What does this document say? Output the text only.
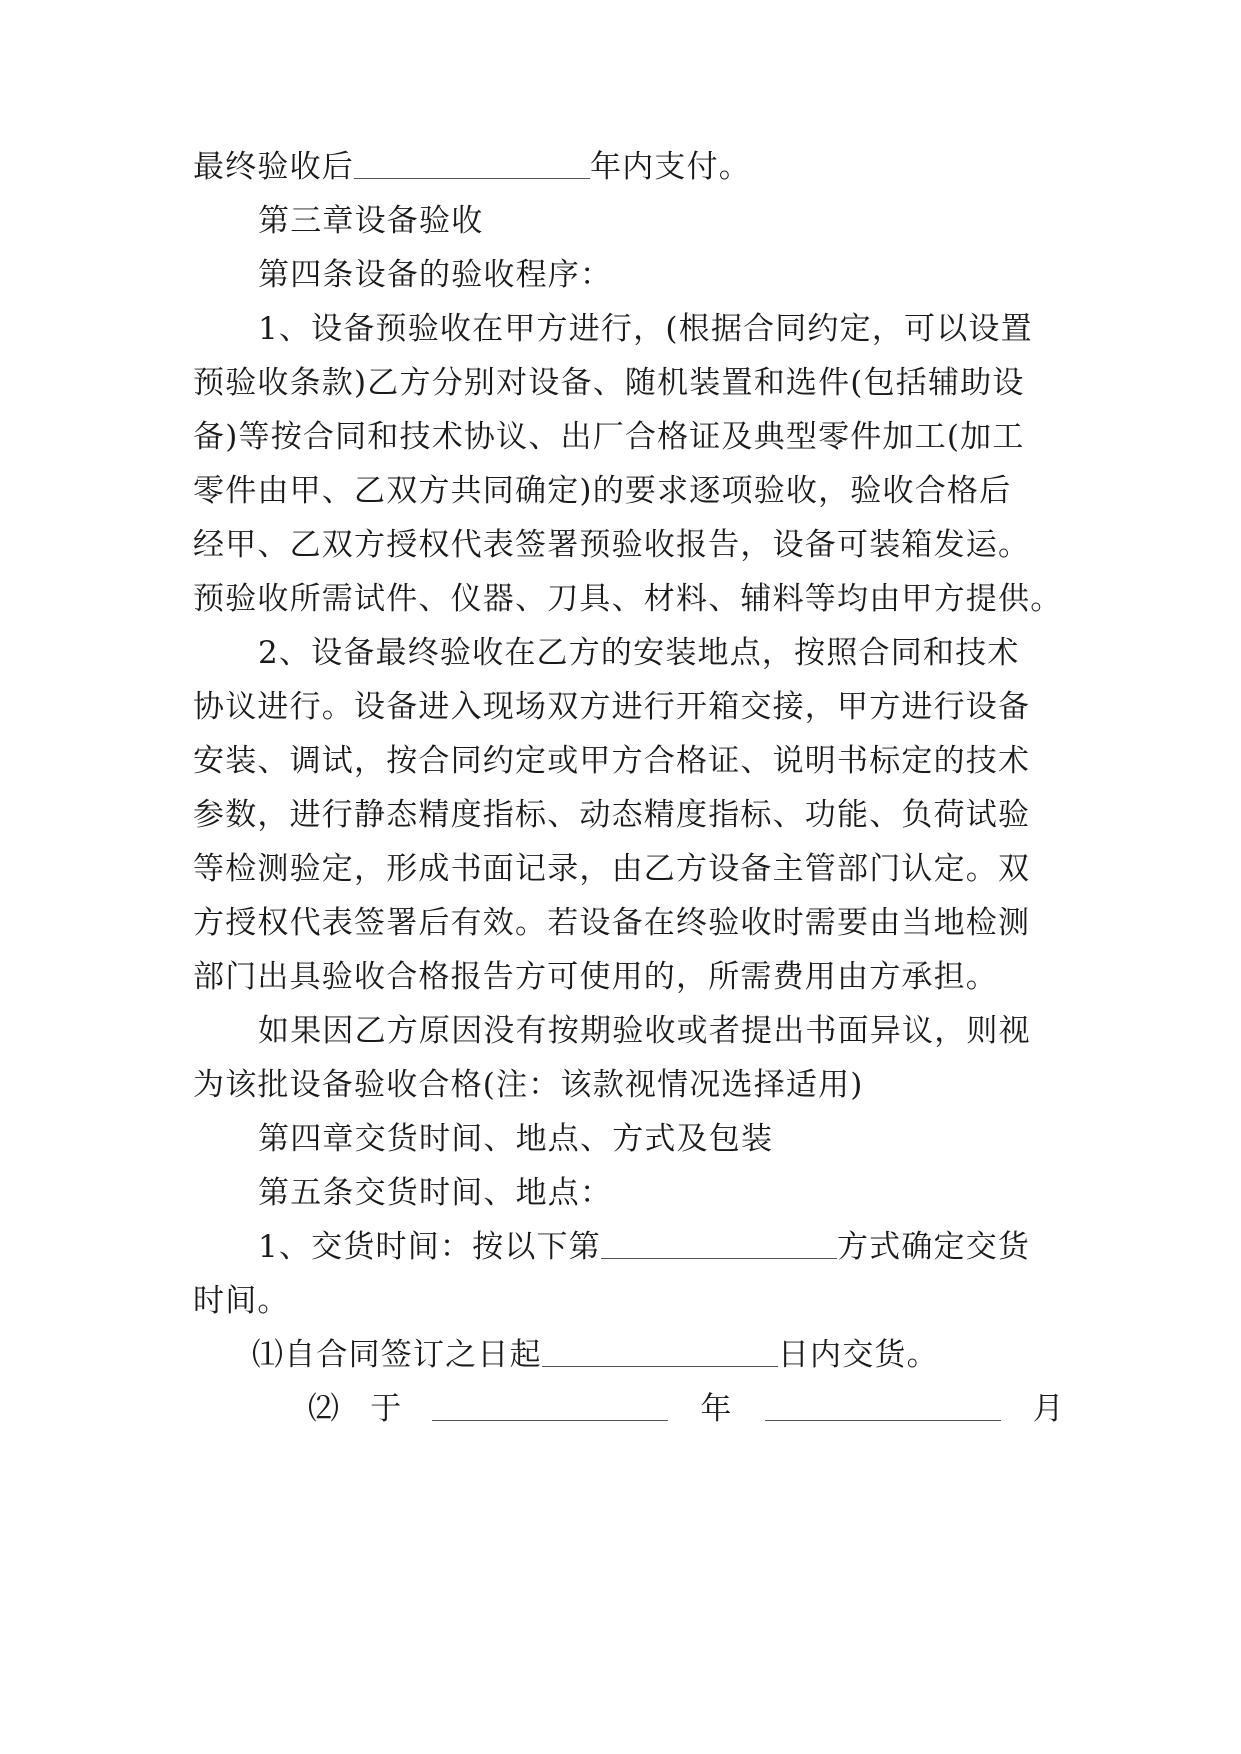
最终验收后	年内支付。
第三章设备验收
第四条设备的验收程序：
1、设备预验收在甲方进行，(根据合同约定，可以设置
预验收条款)乙方分别对设备、随机装置和选件(包括辅助设
备)等按合同和技术协议、出厂合格证及典型零件加工(加工
零件由甲、乙双方共同确定)的要求逐项验收，验收合格后
经甲、乙双方授权代表签署预验收报告，设备可装箱发运。
预验收所需试件、仪器、刀具、材料、辅料等均由甲方提供。
2、设备最终验收在乙方的安装地点，按照合同和技术
协议进行。设备进入现场双方进行开箱交接，甲方进行设备
安装、调试，按合同约定或甲方合格证、说明书标定的技术
参数，进行静态精度指标、动态精度指标、功能、负荷试验
等检测验定，形成书面记录，由乙方设备主管部门认定。双
方授权代表签署后有效。若设备在终验收时需要由当地检测
部门出具验收合格报告方可使用的，所需费用由方承担。
如果因乙方原因没有按期验收或者提出书面异议，则视
为该批设备验收合格(注：该款视情况选择适用)
第四章交货时间、地点、方式及包装
第五条交货时间、地点：
1、交货时间：按以下第	方式确定交货
时间。
⑴自合同签订之日起	日内交货。
⑵ 于	年	月
